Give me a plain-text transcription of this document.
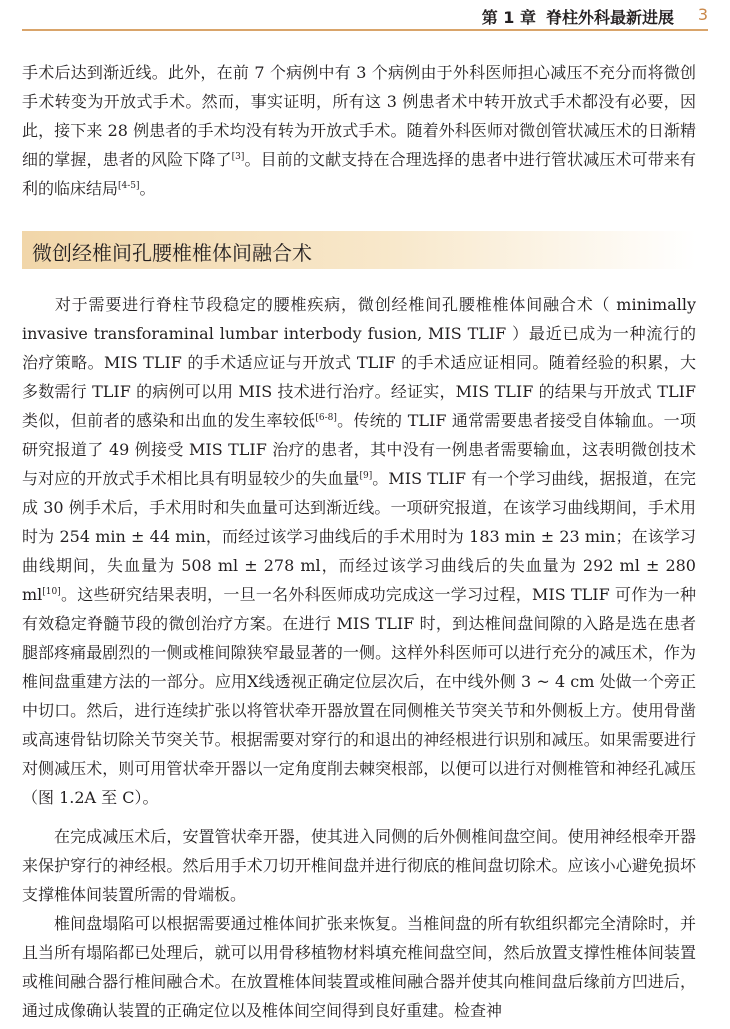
第 1 章 脊柱外科最新进展 3
手术后达到渐近线。此外，在前 7 个病例中有 3 个病例由于外科医师担心减压不充分而将微创手术转变为开放式手术。然而，事实证明，所有这 3 例患者术中转开放式手术都没有必要，因此，接下来 28 例患者的手术均没有转为开放式手术。随着外科医师对微创管状减压术的日渐精细的掌握，患者的风险下降了[3]。目前的文献支持在合理选择的患者中进行管状减压术可带来有利的临床结局[4-5]。
微创经椎间孔腰椎椎体间融合术
对于需要进行脊柱节段稳定的腰椎疾病，微创经椎间孔腰椎椎体间融合术（ minimally invasive transforaminal lumbar interbody fusion, MIS TLIF ）最近已成为一种流行的治疗策略。MIS TLIF 的手术适应证与开放式 TLIF 的手术适应证相同。随着经验的积累，大多数需行 TLIF 的病例可以用 MIS 技术进行治疗。经证实，MIS TLIF 的结果与开放式 TLIF 类似，但前者的感染和出血的发生率较低[6-8]。传统的 TLIF 通常需要患者接受自体输血。一项研究报道了 49 例接受 MIS TLIF 治疗的患者，其中没有一例患者需要输血，这表明微创技术与对应的开放式手术相比具有明显较少的失血量[9]。MIS TLIF 有一个学习曲线，据报道，在完成 30 例手术后，手术用时和失血量可达到渐近线。一项研究报道，在该学习曲线期间，手术用时为 254 min ± 44 min，而经过该学习曲线后的手术用时为 183 min ± 23 min；在该学习曲线期间，失血量为 508 ml ± 278 ml，而经过该学习曲线后的失血量为 292 ml ± 280 ml[10]。这些研究结果表明，一旦一名外科医师成功完成这一学习过程，MIS TLIF 可作为一种有效稳定脊髓节段的微创治疗方案。在进行 MIS TLIF 时，到达椎间盘间隙的入路是选在患者腿部疼痛最剧烈的一侧或椎间隙狭窄最显著的一侧。这样外科医师可以进行充分的减压术，作为椎间盘重建方法的一部分。应用X线透视正确定位层次后，在中线外侧 3 ~ 4 cm 处做一个旁正中切口。然后，进行连续扩张以将管状牵开器放置在同侧椎关节突关节和外侧板上方。使用骨凿或高速骨钻切除关节突关节。根据需要对穿行的和退出的神经根进行识别和减压。如果需要进行对侧减压术，则可用管状牵开器以一定角度削去棘突根部，以便可以进行对侧椎管和神经孔减压（图 1.2A 至 C）。
在完成减压术后，安置管状牵开器，使其进入同侧的后外侧椎间盘空间。使用神经根牵开器来保护穿行的神经根。然后用手术刀切开椎间盘并进行彻底的椎间盘切除术。应该小心避免损坏支撑椎体间装置所需的骨端板。
椎间盘塌陷可以根据需要通过椎体间扩张来恢复。当椎间盘的所有软组织都完全清除时，并且当所有塌陷都已处理后，就可以用骨移植物材料填充椎间盘空间，然后放置支撑性椎体间装置或椎间融合器行椎间融合术。在放置椎体间装置或椎间融合器并使其向椎间盘后缘前方凹进后，通过成像确认装置的正确定位以及椎体间空间得到良好重建。检查神
